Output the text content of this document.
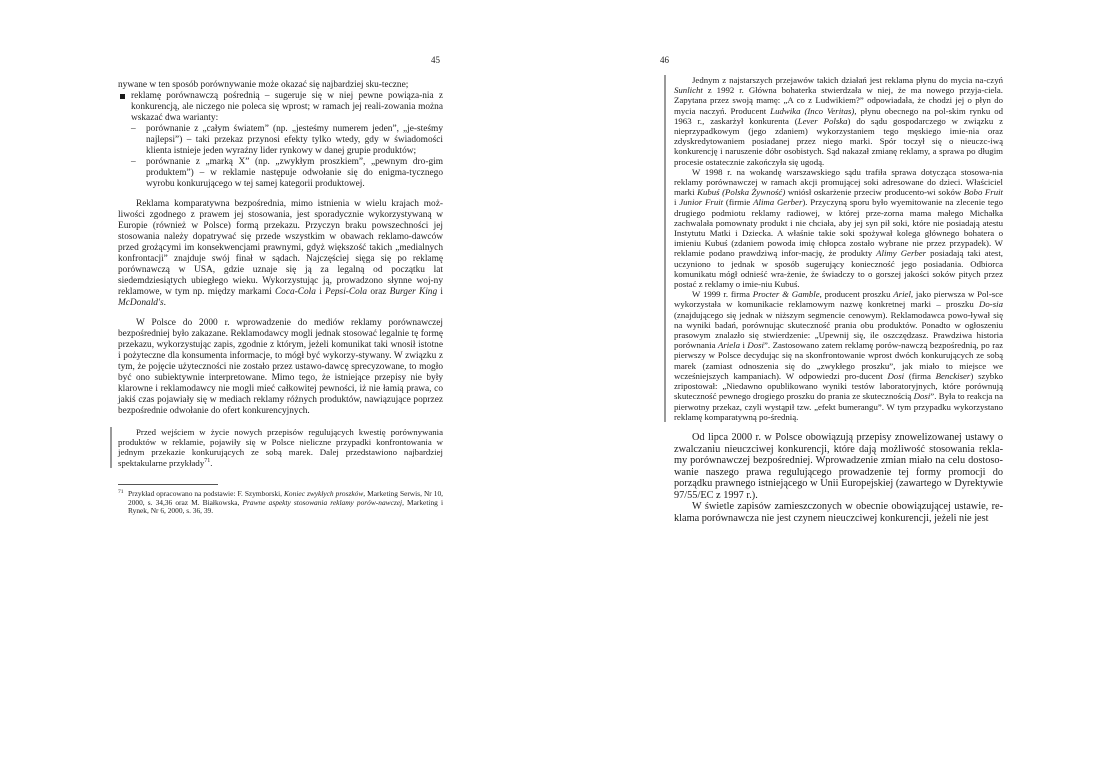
45

nywane w ten sposób porównywanie może okazać się najbardziej sku-teczne;

reklamę porównawczą pośrednią – sugeruje się w niej pewne powiąza-nia z konkurencją, ale niczego nie poleca się wprost; w ramach jej reali-zowania można wskazać dwa warianty:

– porównanie z „całym światem” (np. „jesteśmy numerem jeden”, „je-steśmy najlepsi”) – taki przekaz przynosi efekty tylko wtedy, gdy w świadomości klienta istnieje jeden wyraźny lider rynkowy w danej grupie produktów;

– porównanie z „marką X” (np. „zwykłym proszkiem”, „pewnym dro-gim produktem”) – w reklamie następuje odwołanie się do enigma-tycznego wyrobu konkurującego w tej samej kategorii produktowej.

Reklama komparatywna bezpośrednia, mimo istnienia w wielu krajach moż-liwości zgodnego z prawem jej stosowania, jest sporadycznie wykorzystywaną w Europie (również w Polsce) formą przekazu. Przyczyn braku powszechności jej stosowania należy dopatrywać się przede wszystkim w obawach reklamo-dawców przed grożącymi im konsekwencjami prawnymi, gdyż większość takich „medialnych konfrontacji” znajduje swój finał w sądach. Najczęściej sięga się po reklamę porównawczą w USA, gdzie uznaje się ją za legalną od początku lat siedemdziesiątych ubiegłego wieku. Wykorzystując ją, prowadzono słynne woj-ny reklamowe, w tym np. między markami Coca-Cola i Pepsi-Cola oraz Burger King i McDonald's.

W Polsce do 2000 r. wprowadzenie do mediów reklamy porównawczej bezpośredniej było zakazane. Reklamodawcy mogli jednak stosować legalnie tę formę przekazu, wykorzystując zapis, zgodnie z którym, jeżeli komunikat taki wnosił istotne i pożyteczne dla konsumenta informacje, to mógł być wykorzy-stywany. W związku z tym, że pojęcie użyteczności nie zostało przez ustawo-dawcę sprecyzowane, to mogło być ono subiektywnie interpretowane. Mimo tego, że istniejące przepisy nie były klarowne i reklamodawcy nie mogli mieć całkowitej pewności, iż nie łamią prawa, co jakiś czas pojawiały się w mediach reklamy różnych produktów, nawiązujące poprzez bezpośrednie odwołanie do ofert konkurencyjnych.

Przed wejściem w życie nowych przepisów regulujących kwestię porównywania produktów w reklamie, pojawiły się w Polsce nieliczne przypadki konfrontowania w jednym przekazie konkurujących ze sobą marek. Dalej przedstawiono najbardziej spektakularne przykłady$^{71}$.

71 Przykład opracowano na podstawie: F. Szymborski, Koniec zwykłych proszków, Marketing Serwis, Nr 10, 2000, s. 34,36 oraz M. Białkowska, Prawne aspekty stosowania reklamy porów-nawczej, Marketing i Rynek, Nr 6, 2000, s. 36, 39.
46

Jednym z najstarszych przejawów takich działań jest reklama płynu do mycia na-czyń Sunlicht z 1992 r. Główna bohaterka stwierdzała w niej, że ma nowego przyja-ciela. Zapytana przez swoją mamę: „A co z Ludwikiem?” odpowiadała, że chodzi jej o płyn do mycia naczyń. Producent Ludwika (Inco Veritas), płynu obecnego na pol-skim rynku od 1963 r., zaskarżył konkurenta (Lever Polska) do sądu gospodarczego w związku z nieprzypadkowym (jego zdaniem) wykorzystaniem tego męskiego imie-nia oraz zdyskredytowaniem posiadanej przez niego marki. Spór toczył się o nieuczc-iwą konkurencję i naruszenie dóbr osobistych. Sąd nakazał zmianę reklamy, a sprawa po długim procesie ostatecznie zakończyła się ugodą.

W 1998 r. na wokandę warszawskiego sądu trafiła sprawa dotycząca stosowa-nia reklamy porównawczej w ramach akcji promującej soki adresowane do dzieci. Właściciel marki Kubuś (Polska Żywność) wniósł oskarżenie przeciw producento-wi soków Bobo Fruit i Junior Fruit (firmie Alima Gerber). Przyczyną sporu było wyemitowanie na zlecenie tego drugiego podmiotu reklamy radiowej, w której prze-zorna mama małego Michałka zachwalała pomownaty produkt i nie chciała, aby jej syn pił soki, które nie posiadają atestu Instytutu Matki i Dziecka. A właśnie takie soki spożywał kolega głównego bohatera o imieniu Kubuś (zdaniem powoda imię chłopca zostało wybrane nie przez przypadek). W reklamie podano prawdziwą infor-mację, że produkty Alimy Gerber posiadają taki atest, uczyniono to jednak w sposób sugerujący konieczność jego posiadania. Odbiorca komunikatu mógł odnieść wra-żenie, że świadczy to o gorszej jakości soków pitych przez postać z reklamy o imie-niu Kubuś.

W 1999 r. firma Procter & Gamble, producent proszku Ariel, jako pierwsza w Pol-sce wykorzystała w komunikacie reklamowym nazwę konkretnej marki – proszku Do-sia (znajdującego się jednak w niższym segmencie cenowym). Reklamodawca powo-ływał się na wyniki badań, porównując skuteczność prania obu produktów. Ponadto w ogłoszeniu prasowym znalazło się stwierdzenie: „Upewnij się, ile oszczędzasz. Prawdziwa historia porównania Ariela i Dosi”. Zastosowano zatem reklamę porów-nawczą bezpośrednią, po raz pierwszy w Polsce decydując się na skonfrontowanie wprost dwóch konkurujących ze sobą marek (zamiast odnoszenia się do „zwykłego proszku”, jak miało to miejsce we wcześniejszych kampaniach). W odpowiedzi pro-ducent Dosi (firma Benckiser) szybko zripostował: „Niedawno opublikowano wyniki testów laboratoryjnych, które porównują skuteczność pewnego drogiego proszku do prania ze skutecznością Dosi”. Była to reakcja na pierwotny przekaz, czyli wystąpił tzw. „efekt bumerangu”. W tym przypadku wykorzystano reklamę komparatywną po-średnią.

Od lipca 2000 r. w Polsce obowiązują przepisy znowelizowanej ustawy o zwalczaniu nieuczciwej konkurencji, które dają możliwość stosowania rekla-my porównawczej bezpośredniej. Wprowadzenie zmian miało na celu dostoso-wanie naszego prawa regulującego prowadzenie tej formy promocji do porządku prawnego istniejącego w Unii Europejskiej (zawartego w Dyrektywie 97/55/EC z 1997 r.).

W świetle zapisów zamieszczonych w obecnie obowiązującej ustawie, re-klama porównawcza nie jest czynem nieuczciwej konkurencji, jeżeli nie jest
